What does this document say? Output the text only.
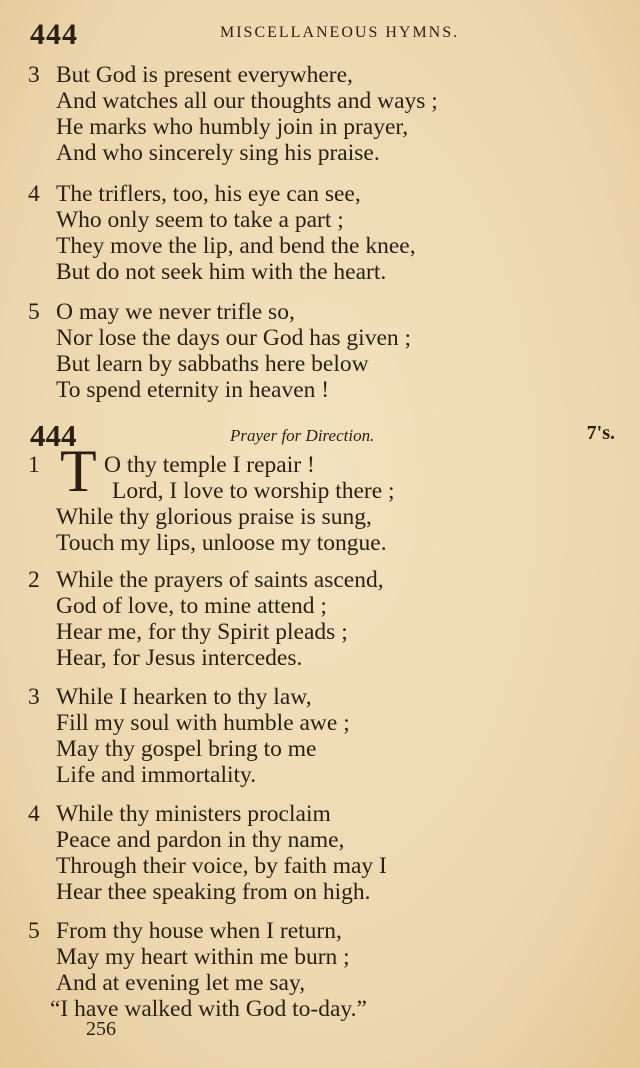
444	MISCELLANEOUS HYMNS.
3 But God is present everywhere,
And watches all our thoughts and ways ;
He marks who humbly join in prayer,
And who sincerely sing his praise.
4 The triflers, too, his eye can see,
Who only seem to take a part ;
They move the lip, and bend the knee,
But do not seek him with the heart.
5 O may we never trifle so,
Nor lose the days our God has given ;
But learn by sabbaths here below
To spend eternity in heaven !
444	Prayer for Direction.	7's.
T
1	O thy temple I repair !
Lord, I love to worship there ;
While thy glorious praise is sung,
Touch my lips, unloose my tongue.
2 While the prayers of saints ascend,
God of love, to mine attend ;
Hear me, for thy Spirit pleads ;
Hear, for Jesus intercedes.
3 While I hearken to thy law,
Fill my soul with humble awe ;
May thy gospel bring to me
Life and immortality.
4 While thy ministers proclaim
Peace and pardon in thy name,
Through their voice, by faith may I
Hear thee speaking from on high.
5 From thy house when I return,
May my heart within me burn ;
And at evening let me say,
“I have walked with God to-day.”
256
